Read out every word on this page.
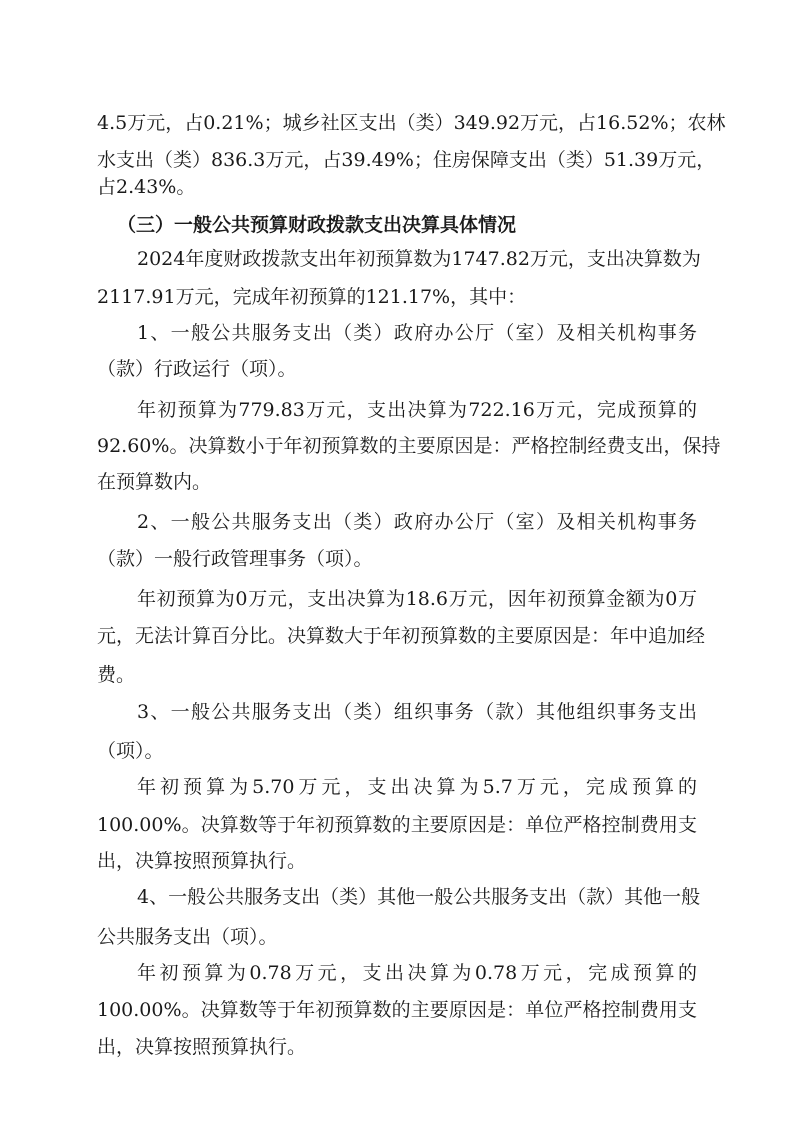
4.5万元，占0.21%；城乡社区支出（类）349.92万元，占16.52%；农林
水支出（类）836.3万元，占39.49%；住房保障支出（类）51.39万元，
占2.43%。
（三）一般公共预算财政拨款支出决算具体情况
2024年度财政拨款支出年初预算数为1747.82万元，支出决算数为
2117.91万元，完成年初预算的121.17%，其中：
1、一般公共服务支出（类）政府办公厅（室）及相关机构事务
（款）行政运行（项）。
年初预算为779.83万元，支出决算为722.16万元，完成预算的
92.60%。决算数小于年初预算数的主要原因是：严格控制经费支出，保持
在预算数内。
2、一般公共服务支出（类）政府办公厅（室）及相关机构事务
（款）一般行政管理事务（项）。
年初预算为0万元，支出决算为18.6万元，因年初预算金额为0万
元，无法计算百分比。决算数大于年初预算数的主要原因是：年中追加经
费。
3、一般公共服务支出（类）组织事务（款）其他组织事务支出
（项）。
年初预算为5.70万元，支出决算为5.7万元，完成预算的
100.00%。决算数等于年初预算数的主要原因是：单位严格控制费用支
出，决算按照预算执行。
4、一般公共服务支出（类）其他一般公共服务支出（款）其他一般
公共服务支出（项）。
年初预算为0.78万元，支出决算为0.78万元，完成预算的
100.00%。决算数等于年初预算数的主要原因是：单位严格控制费用支
出，决算按照预算执行。
